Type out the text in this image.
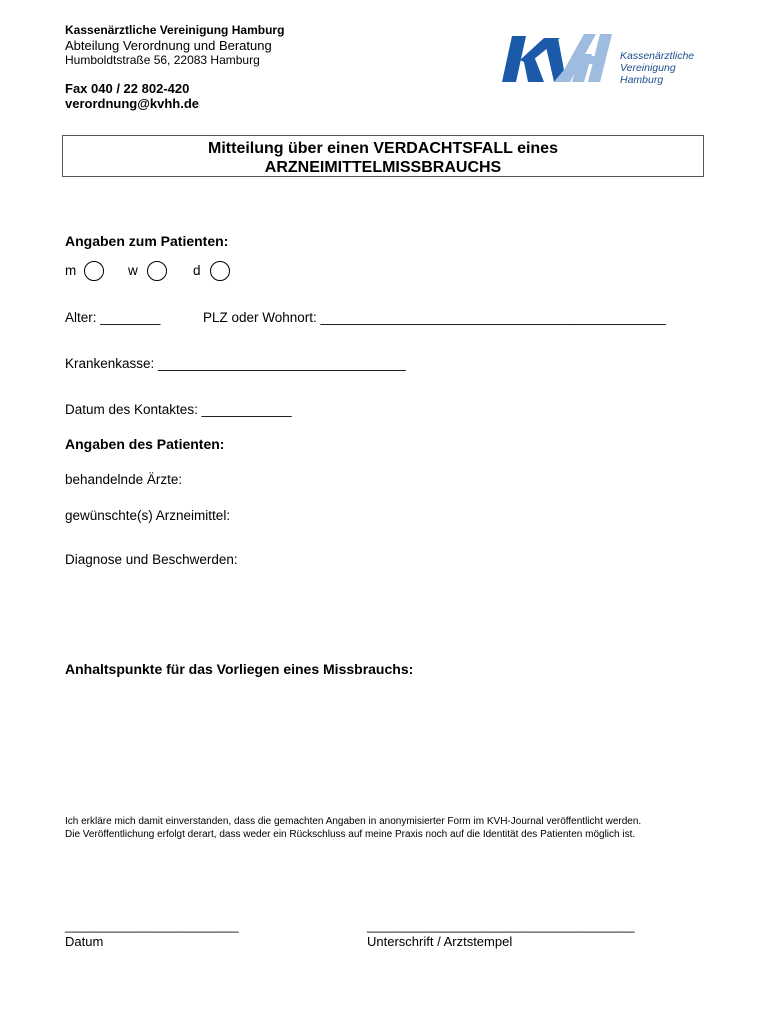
Kassenärztliche Vereinigung Hamburg
Abteilung Verordnung und Beratung
Humboldtstraße 56, 22083 Hamburg
Fax 040 / 22 802-420
verordnung@kvhh.de
Kassenärztliche
Vereinigung
Hamburg
Mitteilung über einen VERDACHTSFALL eines
ARZNEIMITTELMISSBRAUCHS
Angaben zum Patienten:
m	w	d
Alter: ________	PLZ oder Wohnort: ______________________________________________
Krankenkasse: _________________________________
Datum des Kontaktes: ____________
Angaben des Patienten:
behandelnde Ärzte:
gewünschte(s) Arzneimittel:
Diagnose und Beschwerden:
Anhaltspunkte für das Vorliegen eines Missbrauchs:
Ich erkläre mich damit einverstanden, dass die gemachten Angaben in anonymisierter Form im KVH-Journal veröffentlicht werden.
Die Veröffentlichung erfolgt derart, dass weder ein Rückschluss auf meine Praxis noch auf die Identität des Patienten möglich ist.
________________________
Datum
_____________________________________
Unterschrift / Arztstempel
